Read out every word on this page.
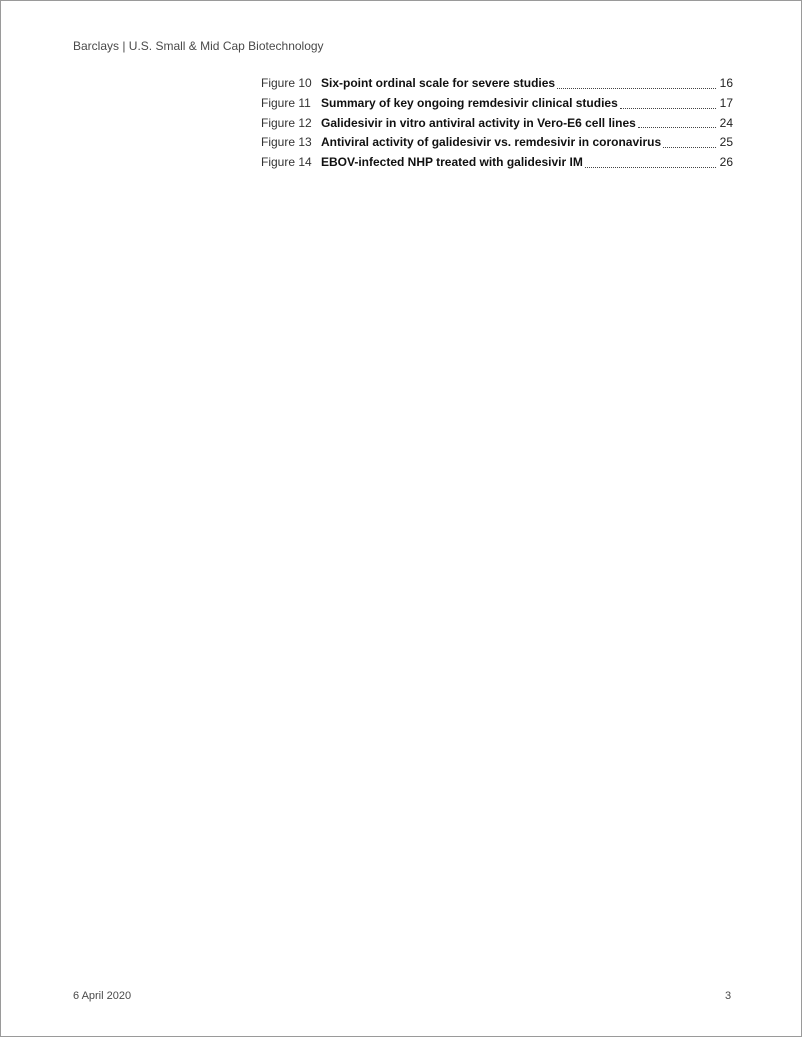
Barclays | U.S. Small & Mid Cap Biotechnology
Figure 10 Six-point ordinal scale for severe studies	16
Figure 11 Summary of key ongoing remdesivir clinical studies	17
Figure 12 Galidesivir in vitro antiviral activity in Vero-E6 cell lines	24
Figure 13 Antiviral activity of galidesivir vs. remdesivir in coronavirus	25
Figure 14 EBOV-infected NHP treated with galidesivir IM	26
6 April 2020	3
